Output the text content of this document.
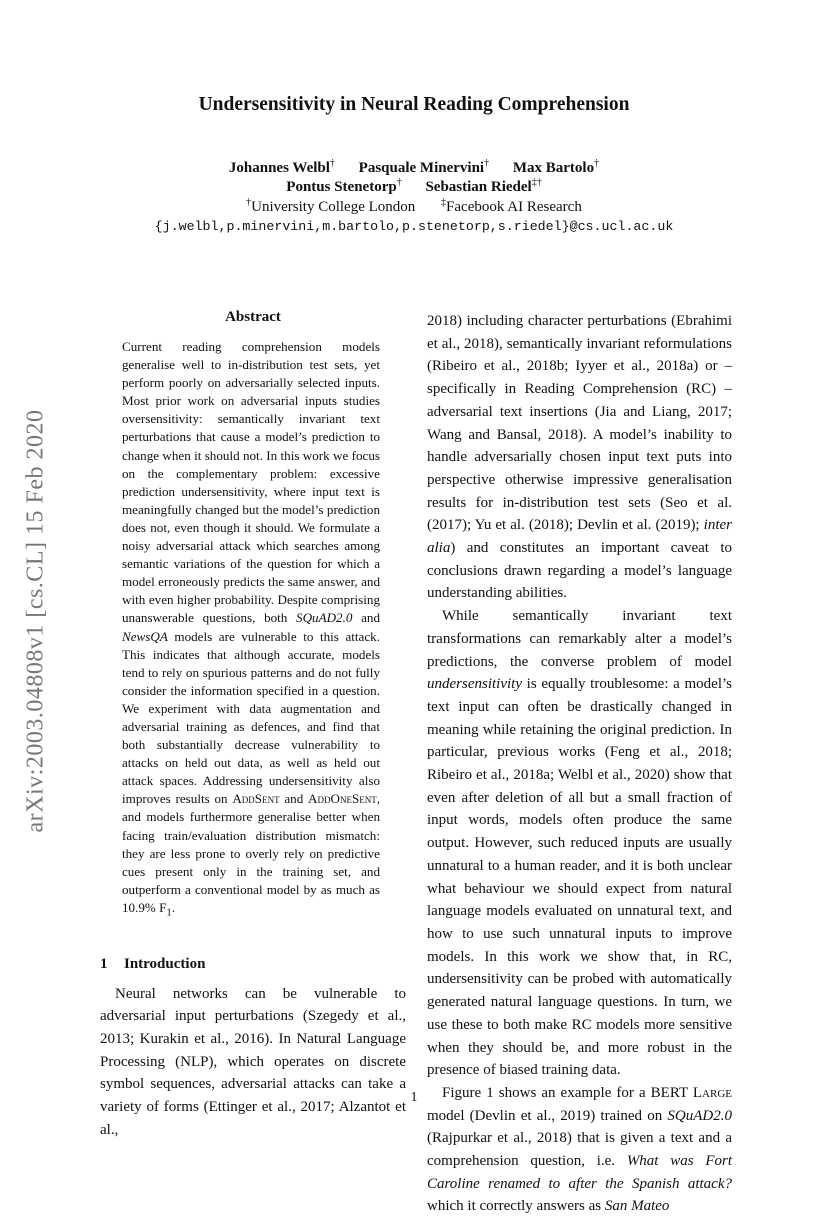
arXiv:2003.04808v1 [cs.CL] 15 Feb 2020
Undersensitivity in Neural Reading Comprehension
Johannes Welbl† Pasquale Minervini† Max Bartolo†
Pontus Stenetorp† Sebastian Riedel‡†
†University College London	‡Facebook AI Research
{j.welbl,p.minervini,m.bartolo,p.stenetorp,s.riedel}@cs.ucl.ac.uk
Abstract

Current reading comprehension models generalise well to in-distribution test sets, yet perform poorly on adversarially selected inputs. Most prior work on adversarial inputs studies oversensitivity: semantically invariant text perturbations that cause a model’s prediction to change when it should not. In this work we focus on the complementary problem: excessive prediction undersensitivity, where input text is meaningfully changed but the model’s prediction does not, even though it should. We formulate a noisy adversarial attack which searches among semantic variations of the question for which a model erroneously predicts the same answer, and with even higher probability. Despite comprising unanswerable questions, both SQuAD2.0 and NewsQA models are vulnerable to this attack. This indicates that although accurate, models tend to rely on spurious patterns and do not fully consider the information specified in a question. We experiment with data augmentation and adversarial training as defences, and find that both substantially decrease vulnerability to attacks on held out data, as well as held out attack spaces. Addressing undersensitivity also improves results on AddSent and AddOneSent, and models furthermore generalise better when facing train/evaluation distribution mismatch: they are less prone to overly rely on predictive cues present only in the training set, and outperform a conventional model by as much as 10.9% $F_1$.

1 Introduction

Neural networks can be vulnerable to adversarial input perturbations (Szegedy et al., 2013; Kurakin et al., 2016). In Natural Language Processing (NLP), which operates on discrete symbol sequences, adversarial attacks can take a variety of forms (Ettinger et al., 2017; Alzantot et al.,

2018) including character perturbations (Ebrahimi et al., 2018), semantically invariant reformulations (Ribeiro et al., 2018b; Iyyer et al., 2018a) or – specifically in Reading Comprehension (RC) – adversarial text insertions (Jia and Liang, 2017; Wang and Bansal, 2018). A model’s inability to handle adversarially chosen input text puts into perspective otherwise impressive generalisation results for in-distribution test sets (Seo et al. (2017); Yu et al. (2018); Devlin et al. (2019); inter alia) and constitutes an important caveat to conclusions drawn regarding a model’s language understanding abilities.

While semantically invariant text transformations can remarkably alter a model’s predictions, the converse problem of model undersensitivity is equally troublesome: a model’s text input can often be drastically changed in meaning while retaining the original prediction. In particular, previous works (Feng et al., 2018; Ribeiro et al., 2018a; Welbl et al., 2020) show that even after deletion of all but a small fraction of input words, models often produce the same output. However, such reduced inputs are usually unnatural to a human reader, and it is both unclear what behaviour we should expect from natural language models evaluated on unnatural text, and how to use such unnatural inputs to improve models. In this work we show that, in RC, undersensitivity can be probed with automatically generated natural language questions. In turn, we use these to both make RC models more sensitive when they should be, and more robust in the presence of biased training data.

Figure 1 shows an example for a BERT Large model (Devlin et al., 2019) trained on SQuAD2.0 (Rajpurkar et al., 2018) that is given a text and a comprehension question, i.e. What was Fort Caroline renamed to after the Spanish attack? which it correctly answers as San Mateo

1
